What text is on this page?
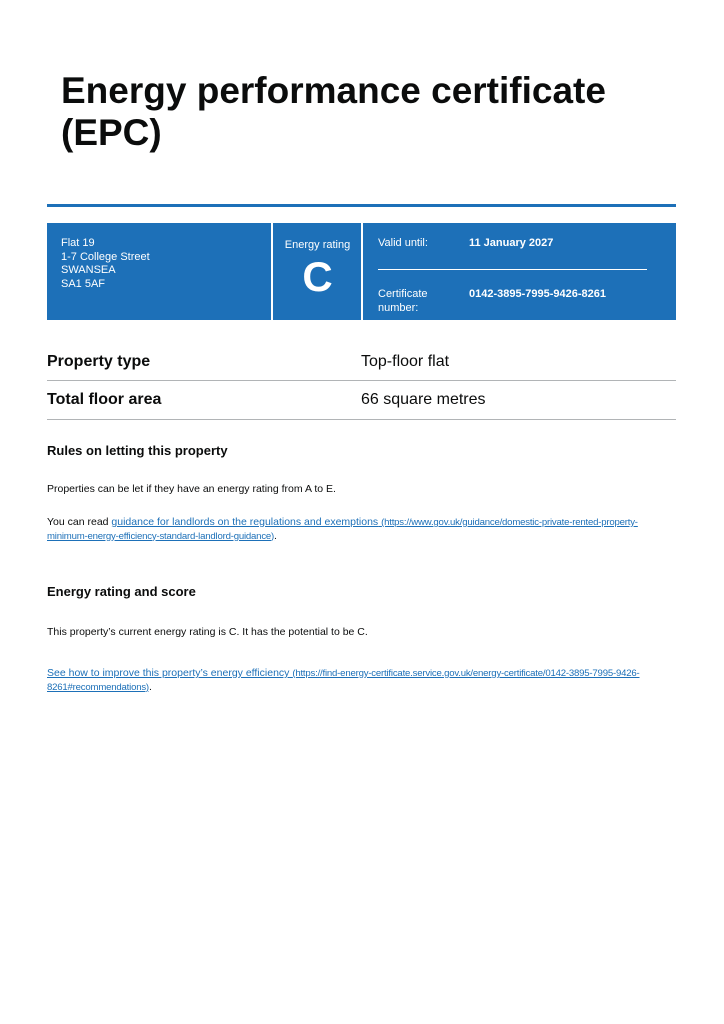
Energy performance certificate (EPC)
Flat 19
1-7 College Street
SWANSEA
SA1 5AF
Energy rating
C
Valid until:	11 January 2027
Certificate number:
0142-3895-7995-9426-8261
Property type	Top-floor flat
Total floor area	66 square metres
Rules on letting this property

Properties can be let if they have an energy rating from A to E.

You can read guidance for landlords on the regulations and exemptions (https://www.gov.uk/guidance/domestic-private-rented-property-minimum-energy-efficiency-standard-landlord-guidance).

Energy rating and score

This property’s current energy rating is C. It has the potential to be C.

See how to improve this property’s energy efficiency (https://find-energy-certificate.service.gov.uk/energy-certificate/0142-3895-7995-9426-8261#recommendations).
